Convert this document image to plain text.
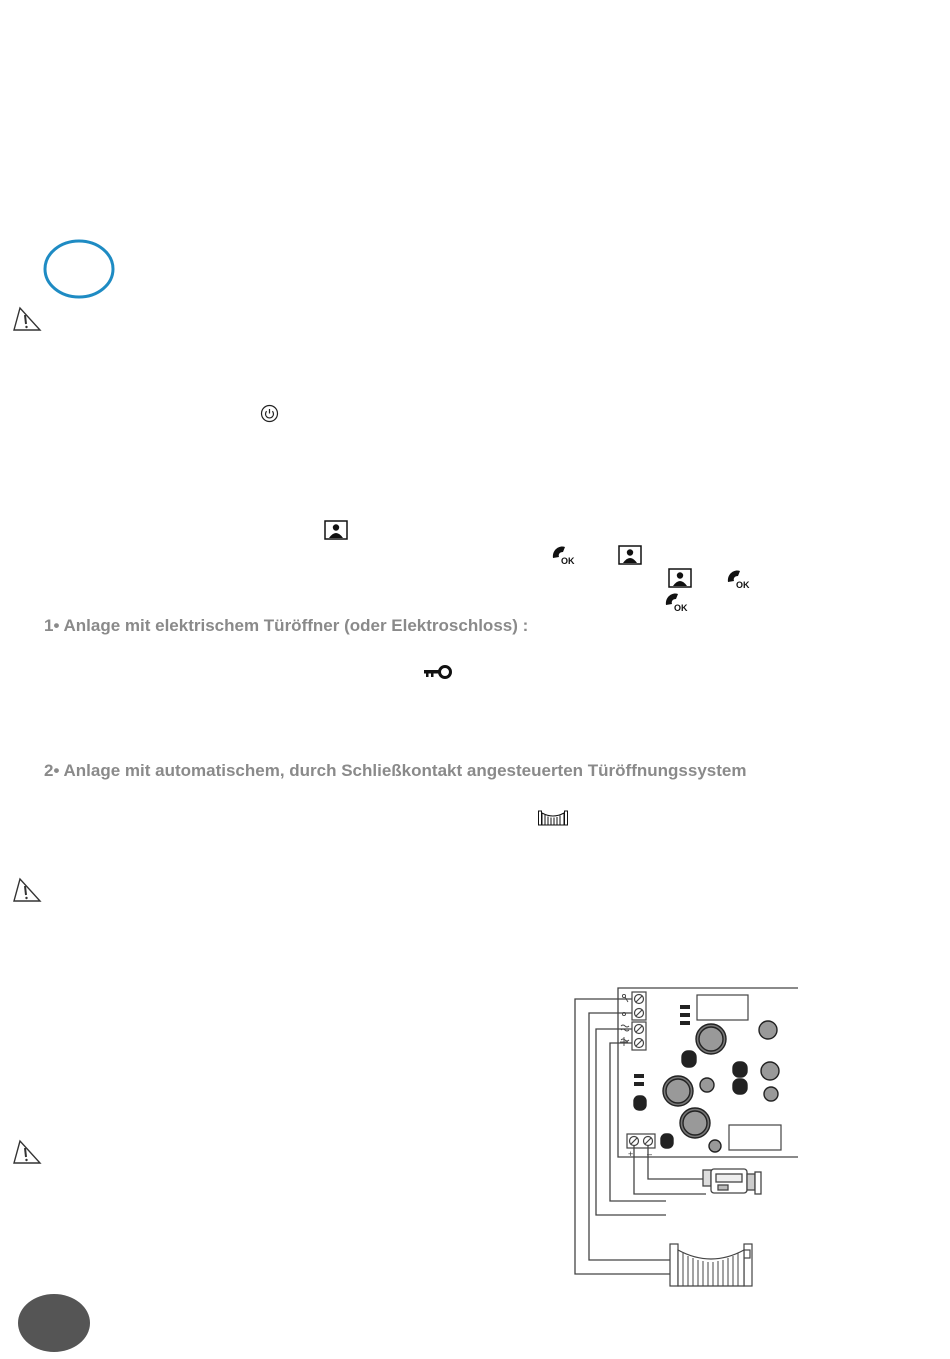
OK
OK
OK
1• Anlage mit elektrischem Türöffner (oder Elektroschloss) :
2• Anlage mit automatischem, durch Schließkontakt angesteuerten Türöffnungssystem
+ –
